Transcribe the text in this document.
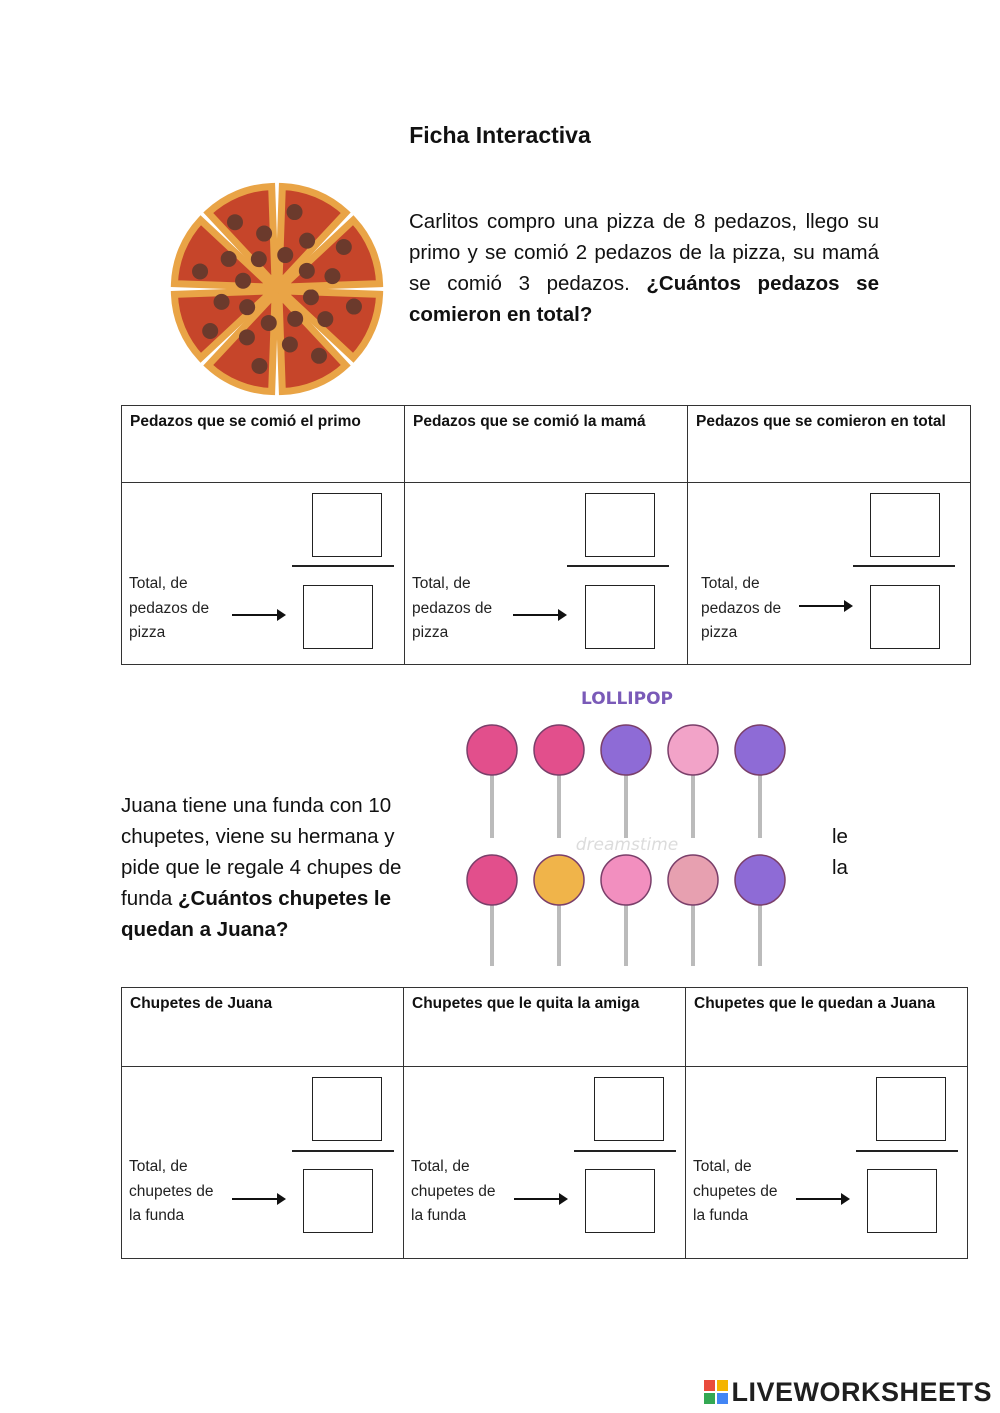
Ficha Interactiva
Carlitos compro una pizza de 8 pedazos, llego su primo y se comió 2 pedazos de la pizza, su mamá se comió 3 pedazos. ¿Cuántos pedazos se comieron en total?
Pedazos que se comió el primo	Pedazos que se comió la mamá	Pedazos que se comieron en total

Total, de pedazos de pizza	Total, de pedazos de pizza	Total, de pedazos de pizza
LOLLIPOP
dreamstime
Juana tiene una funda con 10 chupetes, viene su hermana y pide que le regale 4 chupes de funda ¿Cuántos chupetes le quedan a Juana?
le
la
Chupetes de Juana	Chupetes que le quita la amiga	Chupetes que le quedan a Juana

Total, de chupetes de la funda	Total, de chupetes de la funda	Total, de chupetes de la funda
LIVEWORKSHEETS
